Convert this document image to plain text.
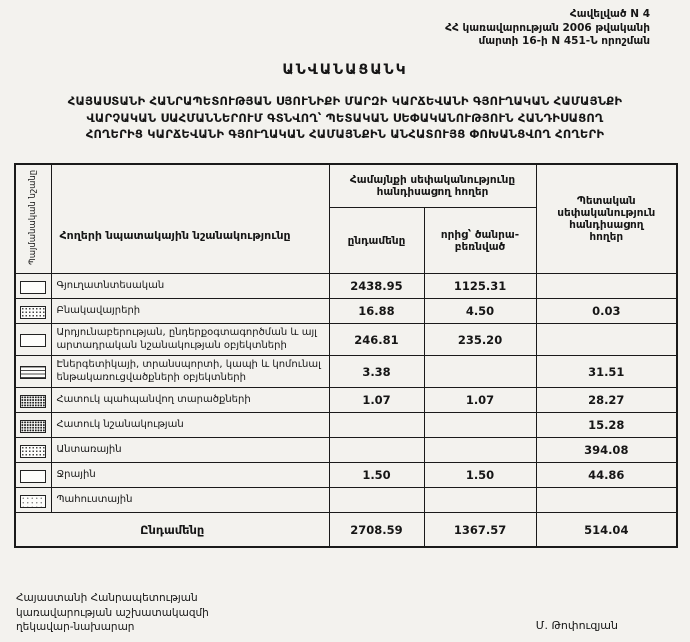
Հավելված N 4
ՀՀ կառավարության 2006 թվականի
մարտի 16-ի N 451-Ն որոշման
ԱՆՎԱՆԱՑԱՆԿ
ՀԱՅԱՍՏԱՆԻ ՀԱՆՐԱՊԵՏՈՒԹՅԱՆ ՍՅՈՒՆԻՔԻ ՄԱՐԶԻ ԿԱՐՃԵՎԱՆԻ ԳՅՈՒՂԱԿԱՆ ՀԱՄԱՅՆՔԻ
ՎԱՐՉԱԿԱՆ ՍԱՀՄԱՆՆԵՐՈՒՄ ԳՏՆՎՈՂ՝ ՊԵՏԱԿԱՆ ՍԵՓԱԿԱՆՈՒԹՅՈՒՆ ՀԱՆԴԻՍԱՑՈՂ
ՀՈՂԵՐԻՑ ԿԱՐՃԵՎԱՆԻ ԳՅՈՒՂԱԿԱՆ ՀԱՄԱՅՆՔԻՆ ԱՆՀԱՏՈՒՅՑ ՓՈԽԱՆՑՎՈՂ ՀՈՂԵՐԻ
Պայմանական նշանը	Հողերի նպատակային նշանակությունը	Համայնքի սեփականությունը հանդիսացող հողեր		Պետական սեփականություն հանդիսացող հողեր
		ընդամենը	որից՝ ծանրա-բեռնված	
	Գյուղատնտեսական	2438.95	1125.31	
	Բնակավայրերի	16.88	4.50	0.03
	Արդյունաբերության, ընդերքօգտագործման և այլ արտադրական նշանակության օբյեկտների	246.81	235.20	
	Էներգետիկայի, տրանսպորտի, կապի և կոմունալ ենթակառուցվածքների օբյեկտների	3.38		31.51
	Հատուկ պահպանվող տարածքների	1.07	1.07	28.27
	Հատուկ նշանակության			15.28
	Անտառային			394.08
	Ջրային	1.50	1.50	44.86
	Պահուստային			
Ընդամենը		2708.59	1367.57	514.04
Հայաստանի Հանրապետության
կառավարության աշխատակազմի
ղեկավար-նախարար	Մ. Թոփուզյան
